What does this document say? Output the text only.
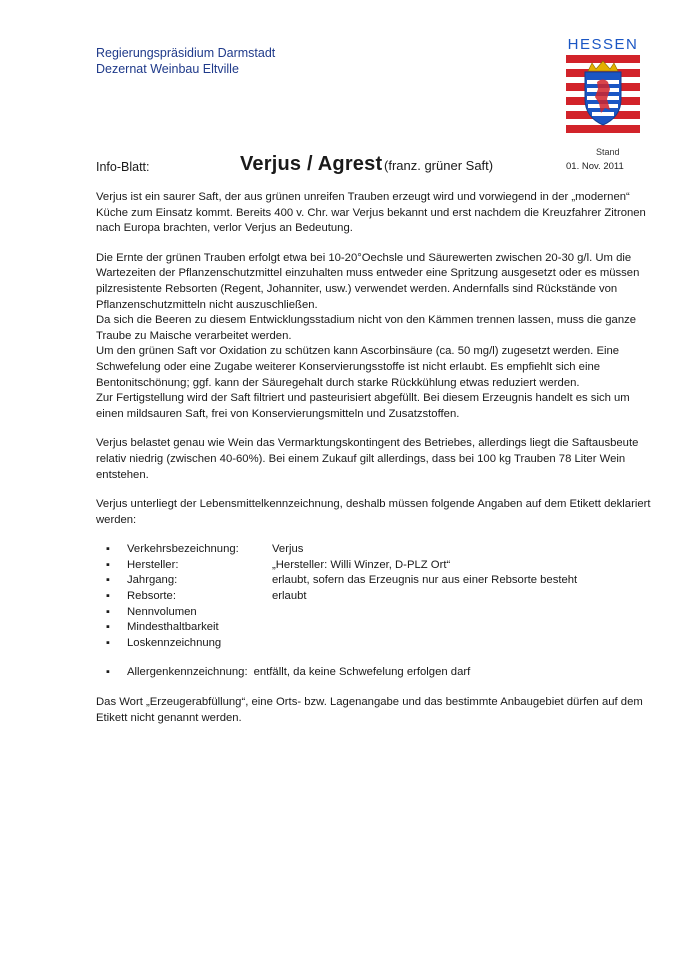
Regierungspräsidium Darmstadt
Dezernat Weinbau Eltville
HESSEN
Stand
01. Nov. 2011
Info-Blatt:	Verjus / Agrest (franz. grüner Saft)

Verjus ist ein saurer Saft, der aus grünen unreifen Trauben erzeugt wird und vorwiegend in der „modernen“ Küche zum Einsatz kommt. Bereits 400 v. Chr. war Verjus bekannt und erst nachdem die Kreuzfahrer Zitronen nach Europa brachten, verlor Verjus an Bedeutung.

Die Ernte der grünen Trauben erfolgt etwa bei 10-20°Oechsle und Säurewerten zwischen 20-30 g/l. Um die Wartezeiten der Pflanzenschutzmittel einzuhalten muss entweder eine Spritzung ausgesetzt oder es müssen pilzresistente Rebsorten (Regent, Johanniter, usw.) verwendet werden. Andernfalls sind Rückstände von Pflanzenschutzmitteln nicht auszuschließen.

Da sich die Beeren zu diesem Entwicklungsstadium nicht von den Kämmen trennen lassen, muss die ganze Traube zu Maische verarbeitet werden.

Um den grünen Saft vor Oxidation zu schützen kann Ascorbinsäure (ca. 50 mg/l) zugesetzt werden. Eine Schwefelung oder eine Zugabe weiterer Konservierungsstoffe ist nicht erlaubt. Es empfiehlt sich eine Bentonitschönung; ggf. kann der Säuregehalt durch starke Rückkühlung etwas reduziert werden.

Zur Fertigstellung wird der Saft filtriert und pasteurisiert abgefüllt. Bei diesem Erzeugnis handelt es sich um einen mildsauren Saft, frei von Konservierungsmitteln und Zusatzstoffen.

Verjus belastet genau wie Wein das Vermarktungskontingent des Betriebes, allerdings liegt die Saftausbeute relativ niedrig (zwischen 40-60%). Bei einem Zukauf gilt allerdings, dass bei 100 kg Trauben 78 Liter Wein entstehen.

Verjus unterliegt der Lebensmittelkennzeichnung, deshalb müssen folgende Angaben auf dem Etikett deklariert werden:

▪ Verkehrsbezeichnung:	Verjus
▪ Hersteller:	„Hersteller: Willi Winzer, D-PLZ Ort“
▪ Jahrgang:	erlaubt, sofern das Erzeugnis nur aus einer Rebsorte besteht
▪ Rebsorte:	erlaubt
▪ Nennvolumen
▪ Mindesthaltbarkeit
▪ Loskennzeichnung
▪ Allergenkennzeichnung: entfällt, da keine Schwefelung erfolgen darf

Das Wort „Erzeugerabfüllung“, eine Orts- bzw. Lagenangabe und das bestimmte Anbaugebiet dürfen auf dem Etikett nicht genannt werden.
